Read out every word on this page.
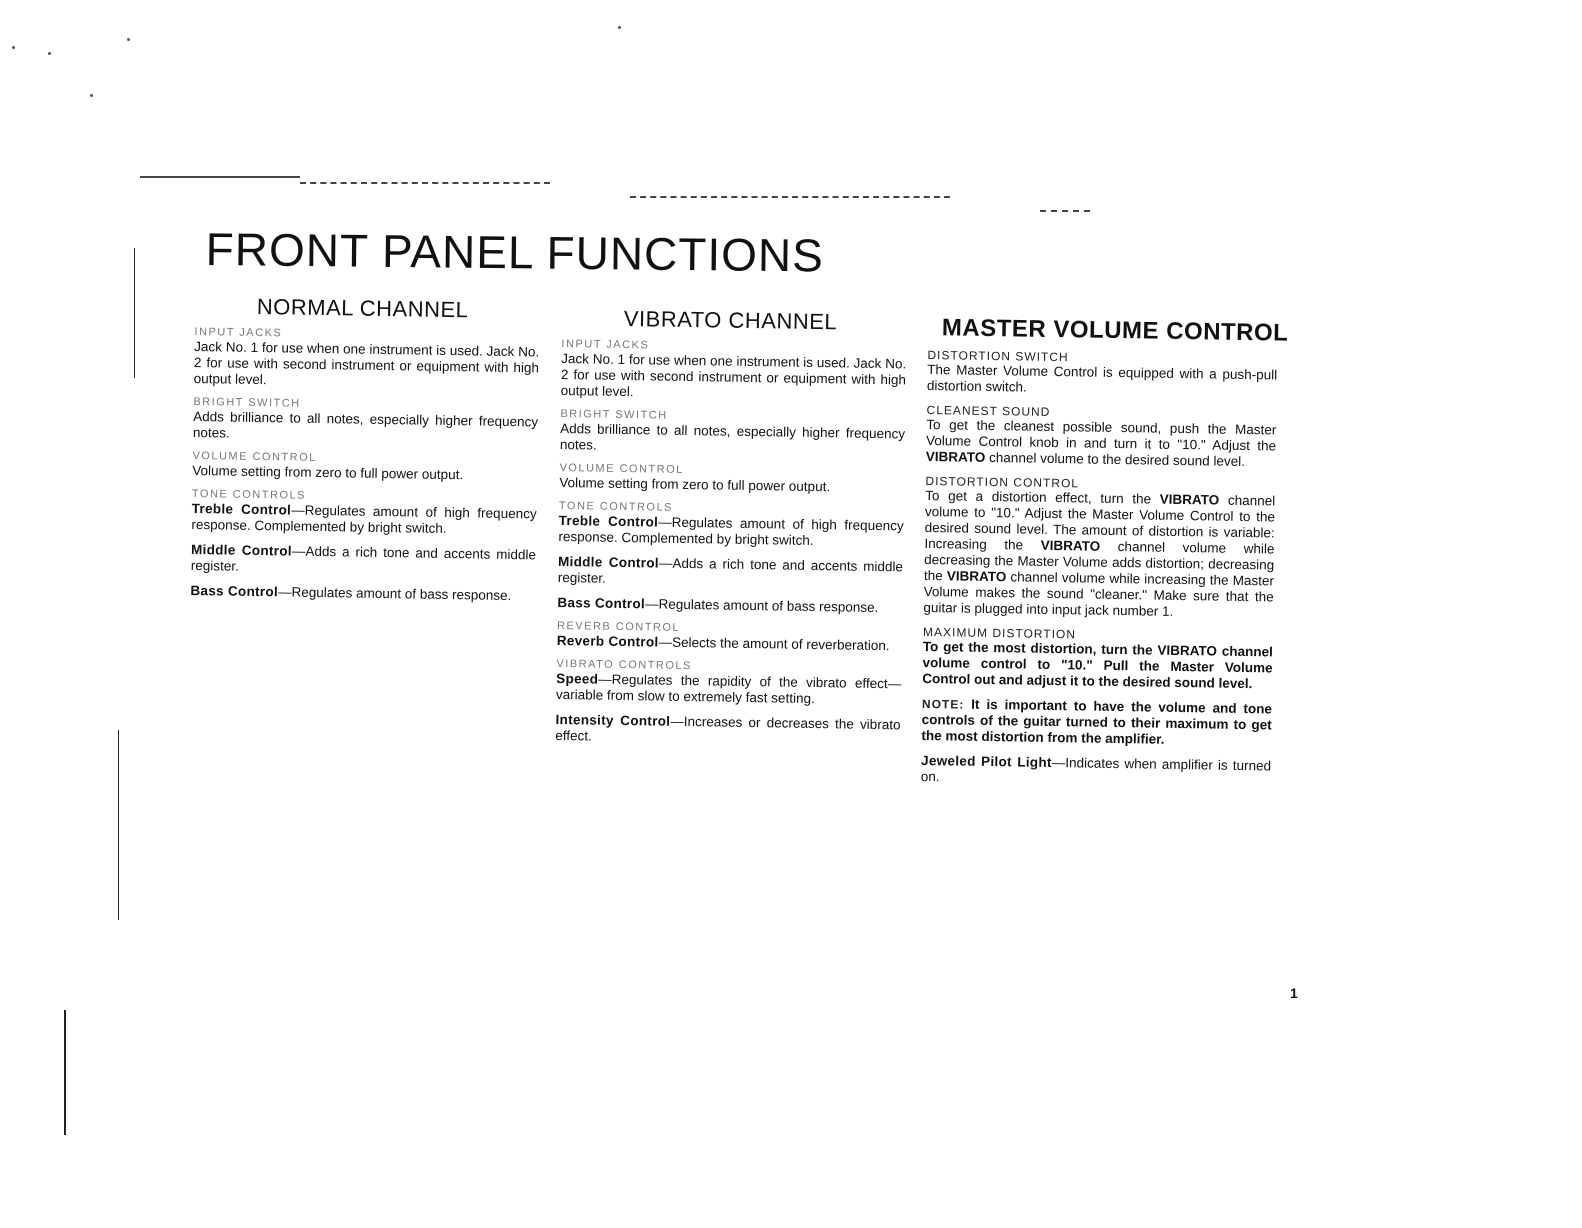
FRONT PANEL FUNCTIONS
NORMAL CHANNEL
INPUT JACKS

Jack No. 1 for use when one instrument is used. Jack No. 2 for use with second instrument or equipment with high output level.

BRIGHT SWITCH

Adds brilliance to all notes, especially higher frequency notes.

VOLUME CONTROL

Volume setting from zero to full power output.

TONE CONTROLS

Treble Control—Regulates amount of high frequency response. Complemented by bright switch.

Middle Control—Adds a rich tone and accents middle register.

Bass Control—Regulates amount of bass response.

VIBRATO CHANNEL
INPUT JACKS

Jack No. 1 for use when one instrument is used. Jack No. 2 for use with second instrument or equipment with high output level.

BRIGHT SWITCH

Adds brilliance to all notes, especially higher frequency notes.

VOLUME CONTROL

Volume setting from zero to full power output.

TONE CONTROLS

Treble Control—Regulates amount of high frequency response. Complemented by bright switch.

Middle Control—Adds a rich tone and accents middle register.

Bass Control—Regulates amount of bass response.

REVERB CONTROL

Reverb Control—Selects the amount of reverberation.

VIBRATO CONTROLS

Speed—Regulates the rapidity of the vibrato effect—variable from slow to extremely fast setting.

Intensity Control—Increases or decreases the vibrato effect.

MASTER VOLUME CONTROL
DISTORTION SWITCH

The Master Volume Control is equipped with a push-pull distortion switch.

CLEANEST SOUND

To get the cleanest possible sound, push the Master Volume Control knob in and turn it to "10." Adjust the VIBRATO channel volume to the desired sound level.

DISTORTION CONTROL

To get a distortion effect, turn the VIBRATO channel volume to "10." Adjust the Master Volume Control to the desired sound level. The amount of distortion is variable: Increasing the VIBRATO channel volume while decreasing the Master Volume adds distortion; decreasing the VIBRATO channel volume while increasing the Master Volume makes the sound "cleaner." Make sure that the guitar is plugged into input jack number 1.

MAXIMUM DISTORTION

To get the most distortion, turn the VIBRATO channel volume control to "10." Pull the Master Volume Control out and adjust it to the desired sound level.

NOTE: It is important to have the volume and tone controls of the guitar turned to their maximum to get the most distortion from the amplifier.

Jeweled Pilot Light—Indicates when amplifier is turned on.

1
